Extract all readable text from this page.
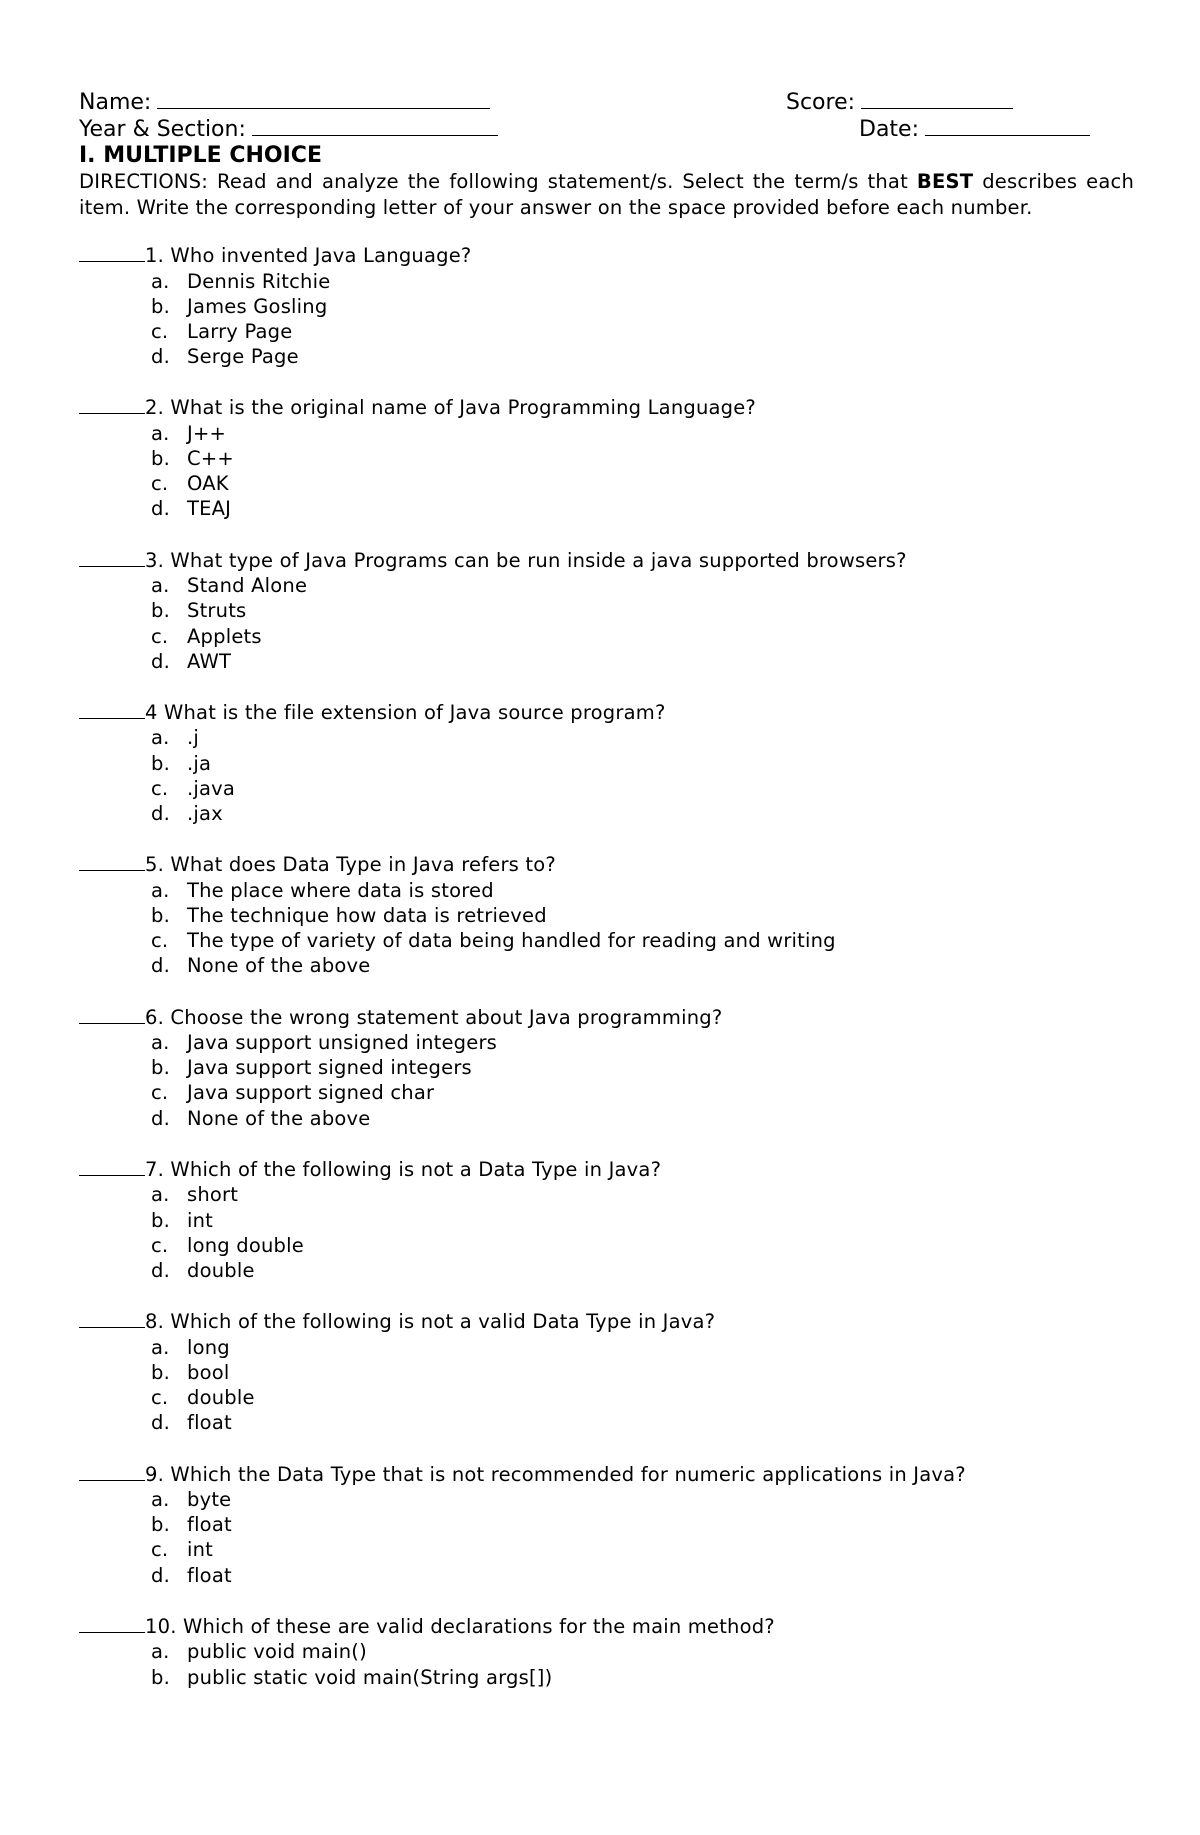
Name:	Score:
Year & Section:	Date:
I. MULTIPLE CHOICE
DIRECTIONS: Read and analyze the following statement/s. Select the term/s that BEST describes each item. Write the corresponding letter of your answer on the space provided before each number.
1. Who invented Java Language?
a. Dennis Ritchie
b. James Gosling
c. Larry Page
d. Serge Page
2. What is the original name of Java Programming Language?
a. J++
b. C++
c. OAK
d. TEAJ
3. What type of Java Programs can be run inside a java supported browsers?
a. Stand Alone
b. Struts
c. Applets
d. AWT
4 What is the file extension of Java source program?
a. .j
b. .ja
c. .java
d. .jax
5. What does Data Type in Java refers to?
a. The place where data is stored
b. The technique how data is retrieved
c. The type of variety of data being handled for reading and writing
d. None of the above
6. Choose the wrong statement about Java programming?
a. Java support unsigned integers
b. Java support signed integers
c. Java support signed char
d. None of the above
7. Which of the following is not a Data Type in Java?
a. short
b. int
c. long double
d. double
8. Which of the following is not a valid Data Type in Java?
a. long
b. bool
c. double
d. float
9. Which the Data Type that is not recommended for numeric applications in Java?
a. byte
b. float
c. int
d. float
10. Which of these are valid declarations for the main method?
a. public void main()
b. public static void main(String args[])
